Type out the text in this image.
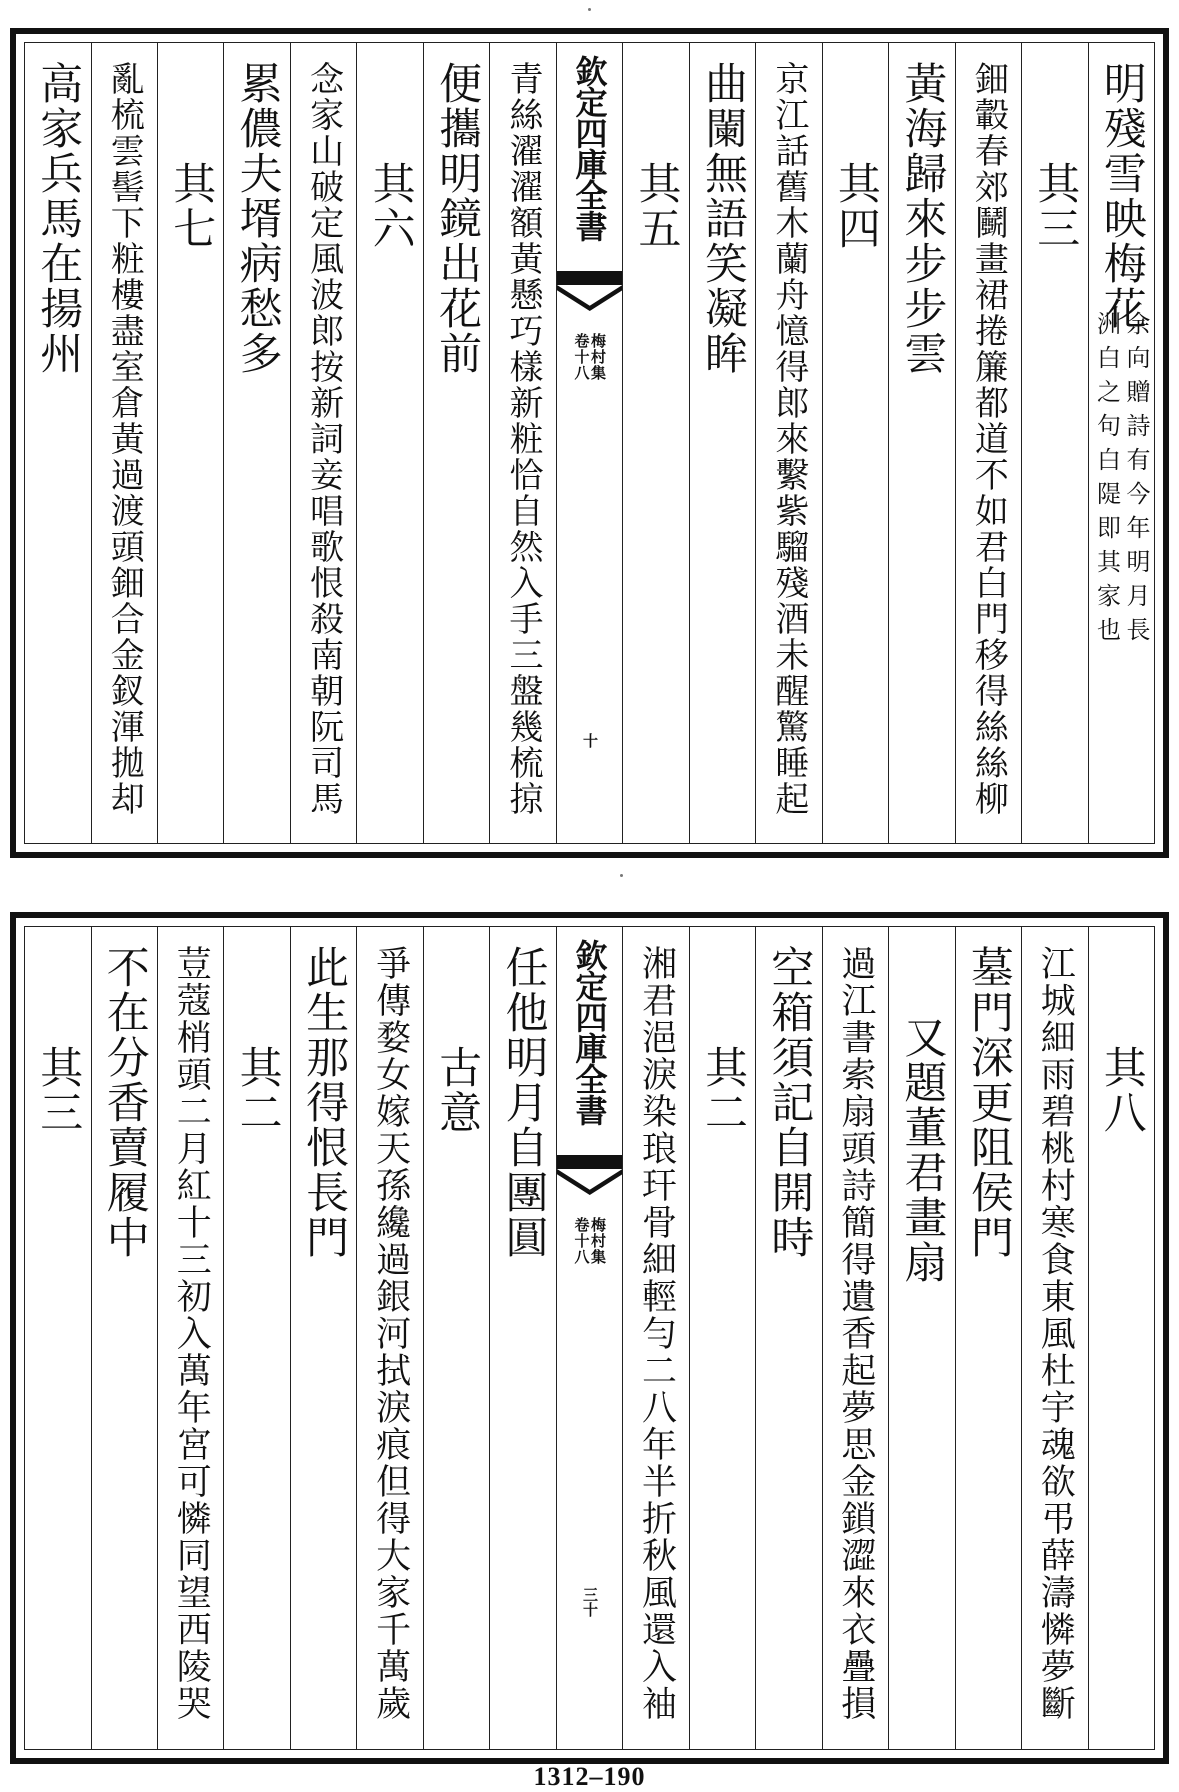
明殘雪映梅花
余向贈詩有今年明月長
洲白之句白隄即其家也
其三
鈿轂春郊鬭畫裙捲簾都道不如君白門移得絲絲柳
黃海歸來步步雲
其四
京江話舊木蘭舟憶得郎來繫紫騮殘酒未醒驚睡起
曲闌無語笑凝眸
其五
欽定四庫全書
梅村集
卷十八
十
青絲濯濯額黃懸巧樣新粧恰自然入手三盤幾梳掠
便攜明鏡出花前
其六
念家山破定風波郎按新詞妾唱歌恨殺南朝阮司馬
累儂夫壻病愁多
其七
亂梳雲髻下粧樓盡室倉黃過渡頭鈿合金釵渾拋却
高家兵馬在揚州
其八
江城細雨碧桃村寒食東風杜宇魂欲弔薛濤憐夢斷
墓門深更阻侯門
又題董君畫扇
過江書索扇頭詩簡得遺香起夢思金鎖澀來衣疊損
空箱須記自開時
其二
湘君浥淚染琅玕骨細輕勻二八年半折秋風還入袖
欽定四庫全書
梅村集
卷十八
三十
任他明月自團圓
古意
爭傳婺女嫁天孫纔過銀河拭淚痕但得大家千萬歲
此生那得恨長門
其二
荳蔻梢頭二月紅十三初入萬年宮可憐同望西陵哭
不在分香賣履中
其三
1312–190
